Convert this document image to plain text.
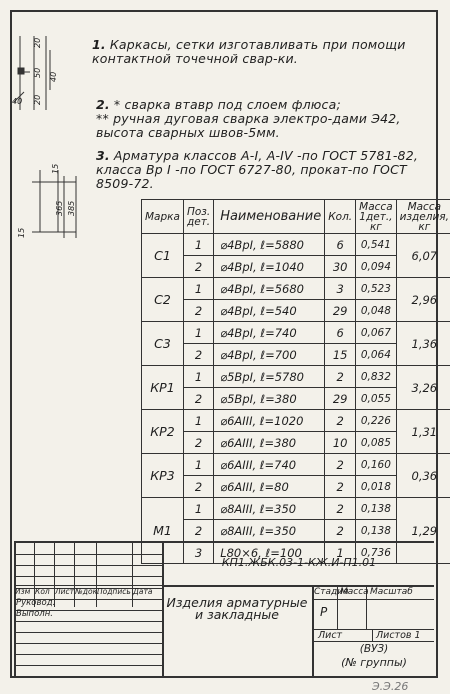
1. Каркасы, сетки изготавливать при помощи контактной точечной свар-ки.

2. * сварка втавр под слоем флюса;
** ручная дуговая сварка электро-дами Э42, высота сварных швов-5мм.

3. Арматура классов А-I, А-IV -по ГОСТ 5781-82, класса Вр I -по ГОСТ 6727-80, прокат-по ГОСТ 8509-72.
20
50 40
20
40
15
15
365 385
Марка	Поз. дет.	Наименование	Кол.	Масса 1дет., кг	Масса изделия, кг
С1	1	⌀4ВрI, ℓ=5880	6	0,541	6,07
	2	⌀4ВрI, ℓ=1040	30	0,094	
С2	1	⌀4ВрI, ℓ=5680	3	0,523	2,96
	2	⌀4ВрI, ℓ=540	29	0,048	
С3	1	⌀4ВрI, ℓ=740	6	0,067	1,36
	2	⌀4ВрI, ℓ=700	15	0,064	
КР1	1	⌀5ВрI, ℓ=5780	2	0,832	3,26
	2	⌀5ВрI, ℓ=380	29	0,055	
КР2	1	⌀6АIII, ℓ=1020	2	0,226	1,31
	2	⌀6АIII, ℓ=380	10	0,085	
КР3	1	⌀6АIII, ℓ=740	2	0,160	0,36
	2	⌀6АIII, ℓ=80	2	0,018	
М1	1	⌀8АIII, ℓ=350	2	0,138	1,29
	2	⌀8АIII, ℓ=350	2	0,138	
	3	L80×6, ℓ=100	1	0,736	
Изм Кол Лист №док.
Подпись Дата
Руковод.
Выполн.
КП1.ЖБК.03-1-КЖ.И-П1.01
Изделия арматурные и закладные
Стадия
Масса Масштаб
Р
Лист	Листов 1
(ВУЗ)
(№ группы)
Э.Э.26
